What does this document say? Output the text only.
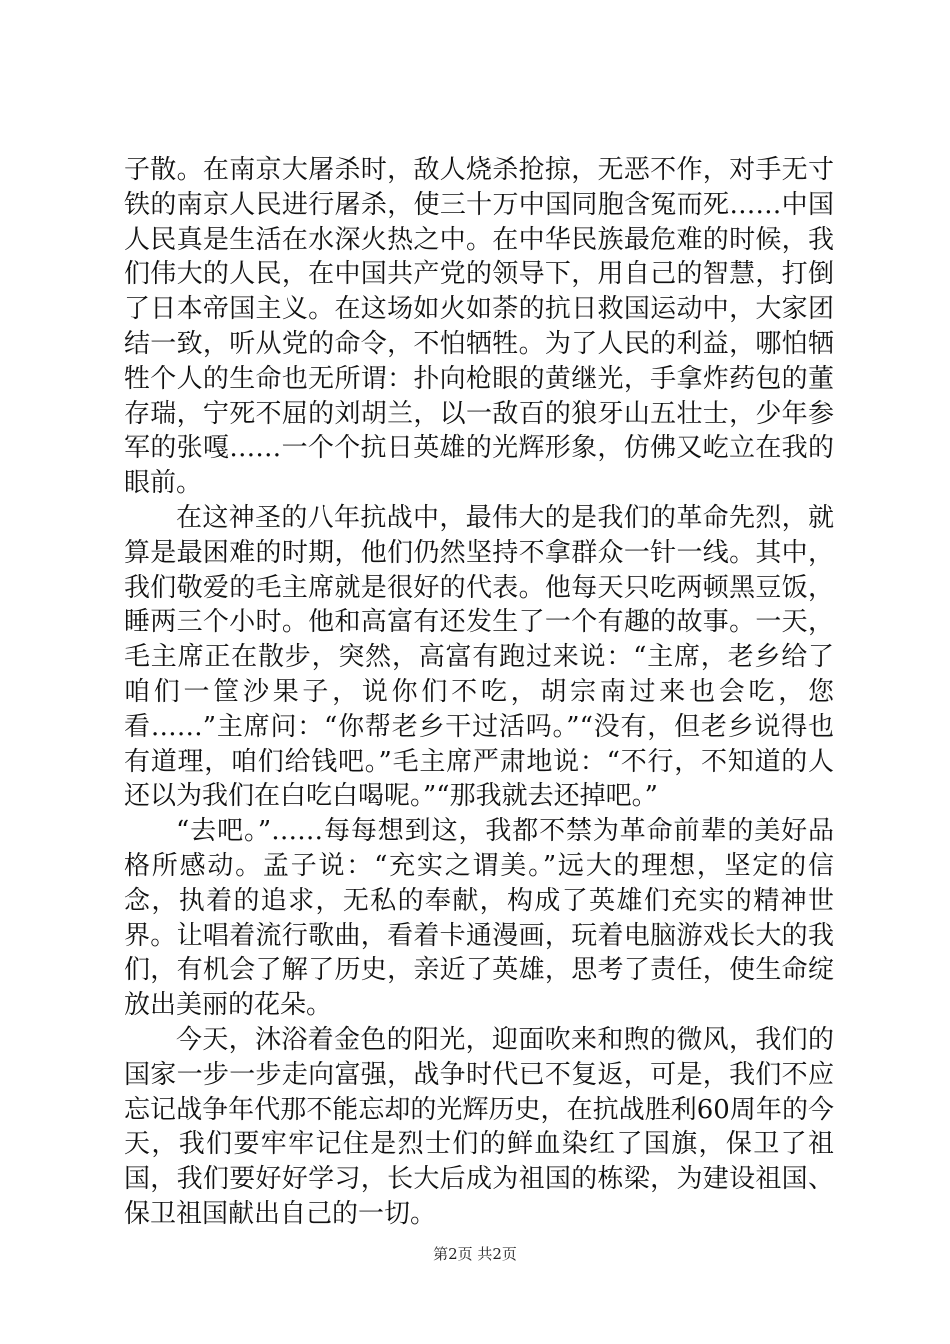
子散。在南京大屠杀时，敌人烧杀抢掠，无恶不作，对手无寸铁的南京人民进行屠杀，使三十万中国同胞含冤而死……中国人民真是生活在水深火热之中。在中华民族最危难的时候，我们伟大的人民，在中国共产党的领导下，用自己的智慧，打倒了日本帝国主义。在这场如火如荼的抗日救国运动中，大家团结一致，听从党的命令，不怕牺牲。为了人民的利益，哪怕牺牲个人的生命也无所谓：扑向枪眼的黄继光，手拿炸药包的董存瑞，宁死不屈的刘胡兰，以一敌百的狼牙山五壮士，少年参军的张嘎……一个个抗日英雄的光辉形象，仿佛又屹立在我的眼前。

在这神圣的八年抗战中，最伟大的是我们的革命先烈，就算是最困难的时期，他们仍然坚持不拿群众一针一线。其中，我们敬爱的毛主席就是很好的代表。他每天只吃两顿黑豆饭，睡两三个小时。他和高富有还发生了一个有趣的故事。一天，毛主席正在散步，突然，高富有跑过来说：“主席，老乡给了咱们一筐沙果子，说你们不吃，胡宗南过来也会吃，您看……”主席问：“你帮老乡干过活吗。”“没有，但老乡说得也有道理，咱们给钱吧。”毛主席严肃地说：“不行，不知道的人还以为我们在白吃白喝呢。”“那我就去还掉吧。”

“去吧。”……每每想到这，我都不禁为革命前辈的美好品格所感动。孟子说：“充实之谓美。”远大的理想，坚定的信念，执着的追求，无私的奉献，构成了英雄们充实的精神世界。让唱着流行歌曲，看着卡通漫画，玩着电脑游戏长大的我们，有机会了解了历史，亲近了英雄，思考了责任，使生命绽放出美丽的花朵。

今天，沐浴着金色的阳光，迎面吹来和煦的微风，我们的国家一步一步走向富强，战争时代已不复返，可是，我们不应忘记战争年代那不能忘却的光辉历史，在抗战胜利60周年的今天，我们要牢牢记住是烈士们的鲜血染红了国旗，保卫了祖国，我们要好好学习，长大后成为祖国的栋梁，为建设祖国、保卫祖国献出自己的一切。

第2页 共2页
